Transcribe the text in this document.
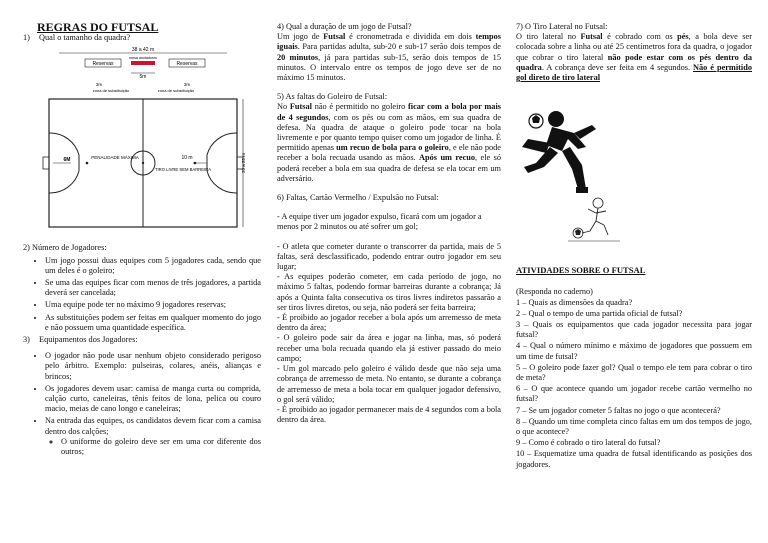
REGRAS DO FUTSAL
1) Qual o tamanho da quadra?
38 a 42 m
Reservas	Reservas
mesa anotadores
5m
3m	3m
zona de substituição	zona de substituição
6M	PENALIDADE MÁXIMA	10 m
TIRO LIVRE SEM BARREIRA	20 a 25 m
2) Número de Jogadores:
• Um jogo possui duas equipes com 5 jogadores cada, sendo que um deles é o goleiro;
• Se uma das equipes ficar com menos de três jogadores, a partida deverá ser cancelada;
• Uma equipe pode ter no máximo 9 jogadores reservas;
• As substituições podem ser feitas em qualquer momento do jogo e não possuem uma quantidade específica.
3) Equipamentos dos Jogadores:
• O jogador não pode usar nenhum objeto considerado perigoso pelo árbitro. Exemplo: pulseiras, colares, anéis, alianças e brincos;
• Os jogadores devem usar: camisa de manga curta ou comprida, calção curto, caneleiras, tênis feitos de lona, pelica ou couro macio, meias de cano longo e caneleiras;
• Na entrada das equipes, os candidatos devem ficar com a camisa dentro dos calções;
◦ O uniforme do goleiro deve ser em uma cor diferente dos outros;

4) Qual a duração de um jogo de Futsal?

Um jogo de Futsal é cronometrada e dividida em dois tempos iguais. Para partidas adulta, sub-20 e sub-17 serão dois tempos de 20 minutos, já para partidas sub-15, serão dois tempos de 15 minutos. O intervalo entre os tempos de jogo deve ser de no máximo 15 minutos.

5) As faltas do Goleiro de Futsal:

No Futsal não é permitido no goleiro ficar com a bola por mais de 4 segundos, com os pés ou com as mãos, em sua quadra de defesa. Na quadra de ataque o goleiro pode tocar na bola livremente e por quanto tempo quiser como um jogador de linha. É permitido apenas um recuo de bola para o goleiro, e ele não pode receber a bola recuada usando as mãos. Após um recuo, ele só poderá receber a bola em sua quadra de defesa se ela tocar em um adversário.

6) Faltas, Cartão Vermelho / Expulsão no Futsal:

- A equipe tiver um jogador expulso, ficará com um jogador a menos por 2 minutos ou até sofrer um gol;

- O atleta que cometer durante o transcorrer da partida, mais de 5 faltas, será desclassificado, podendo entrar outro jogador em seu lugar;

- As equipes poderão cometer, em cada período de jogo, no máximo 5 faltas, podendo formar barreiras durante a cobrança; Já após a Quinta falta consecutiva os tiros livres indiretos passarão a ser tiros livres diretos, ou seja, não poderá ser feita barreira;

- É proibido ao jogador receber a bola após um arremesso de meta dentro da área;

- O goleiro pode sair da área e jogar na linha, mas, só poderá receber uma bola recuada quando ela já estiver passado do meio campo;

- Um gol marcado pelo goleiro é válido desde que não seja uma cobrança de arremesso de meta. No entanto, se durante a cobrança de arremesso de meta a bola tocar em qualquer jogador defensivo, o gol será válido;

- É proibido ao jogador permanecer mais de 4 segundos com a bola dentro da área.

7) O Tiro Lateral no Futsal:

O tiro lateral no Futsal é cobrado com os pés, a bola deve ser colocada sobre a linha ou até 25 centímetros fora da quadra, o jogador que cobrar o tiro lateral não pode estar com os pés dentro da quadra. A cobrança deve ser feita em 4 segundos. Não é permitido gol direto de tiro lateral

ATIVIDADES SOBRE O FUTSAL

(Responda no caderno)

1 – Quais as dimensões da quadra?

2 – Qual o tempo de uma partida oficial de futsal?

3 – Quais os equipamentos que cada jogador necessita para jogar futsal?

4 – Qual o número mínimo e máximo de jogadores que possuem em um time de futsal?

5 – O goleiro pode fazer gol? Qual o tempo ele tem para cobrar o tiro de meta?

6 – O que acontece quando um jogador recebe cartão vermelho no futsal?

7 – Se um jogador cometer 5 faltas no jogo o que acontecerá?

8 – Quando um time completa cinco faltas em um dos tempos de jogo, o que acontece?

9 – Como é cobrado o tiro lateral do futsal?

10 – Esquematize uma quadra de futsal identificando as posições dos jogadores.
